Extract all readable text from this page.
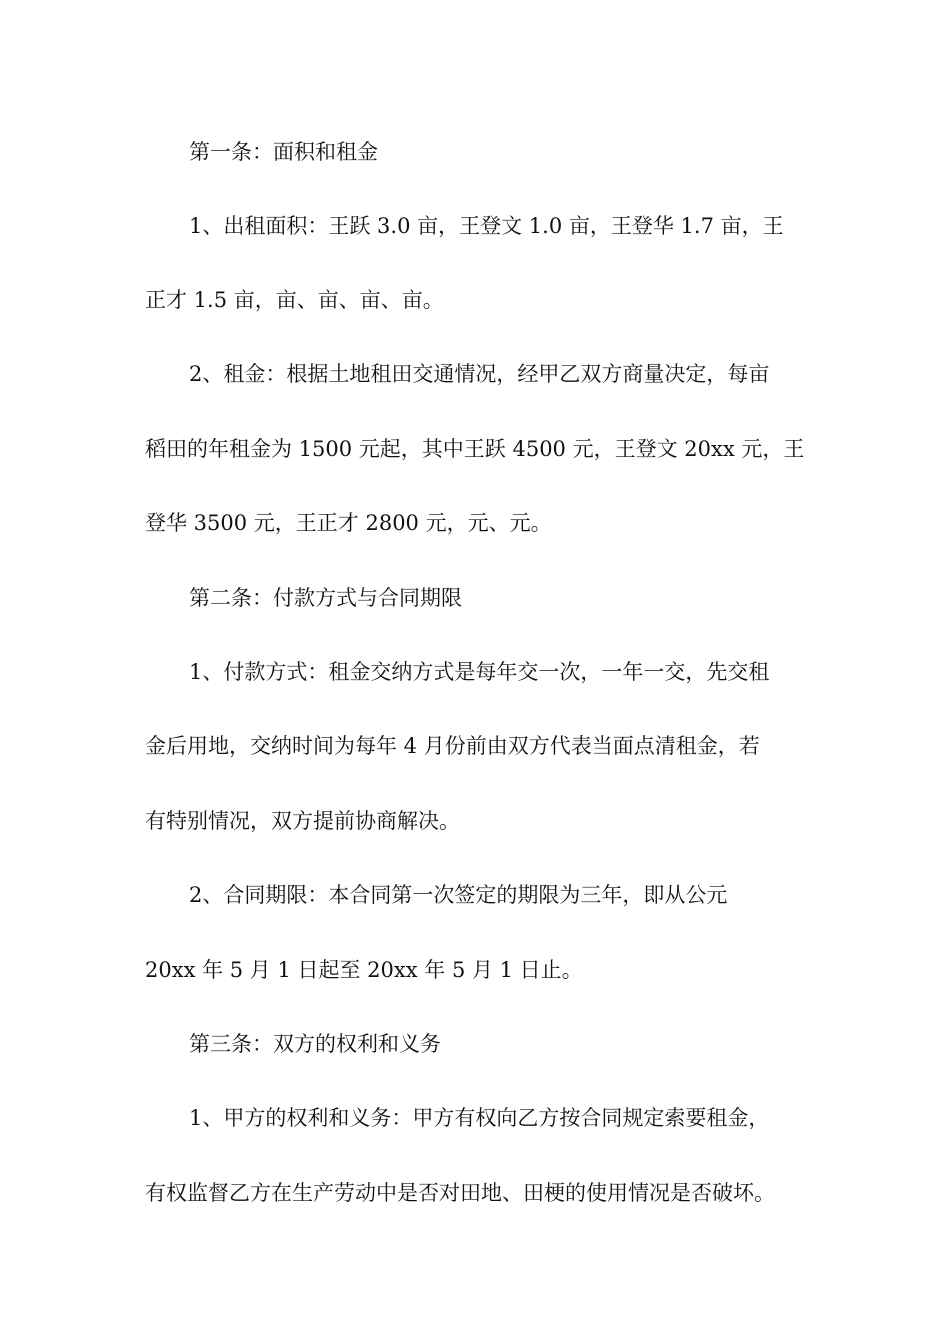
第一条：面积和租金
1、出租面积：王跃 3.0 亩，王登文 1.0 亩，王登华 1.7 亩，王
正才 1.5 亩，亩、亩、亩、亩。
2、租金：根据土地租田交通情况，经甲乙双方商量决定，每亩
稻田的年租金为 1500 元起，其中王跃 4500 元，王登文 20xx 元，王
登华 3500 元，王正才 2800 元，元、元。
第二条：付款方式与合同期限
1、付款方式：租金交纳方式是每年交一次，一年一交，先交租
金后用地，交纳时间为每年 4 月份前由双方代表当面点清租金，若
有特别情况，双方提前协商解决。
2、合同期限：本合同第一次签定的期限为三年，即从公元
20xx 年 5 月 1 日起至 20xx 年 5 月 1 日止。
第三条：双方的权利和义务
1、甲方的权利和义务：甲方有权向乙方按合同规定索要租金，
有权监督乙方在生产劳动中是否对田地、田梗的使用情况是否破坏。
